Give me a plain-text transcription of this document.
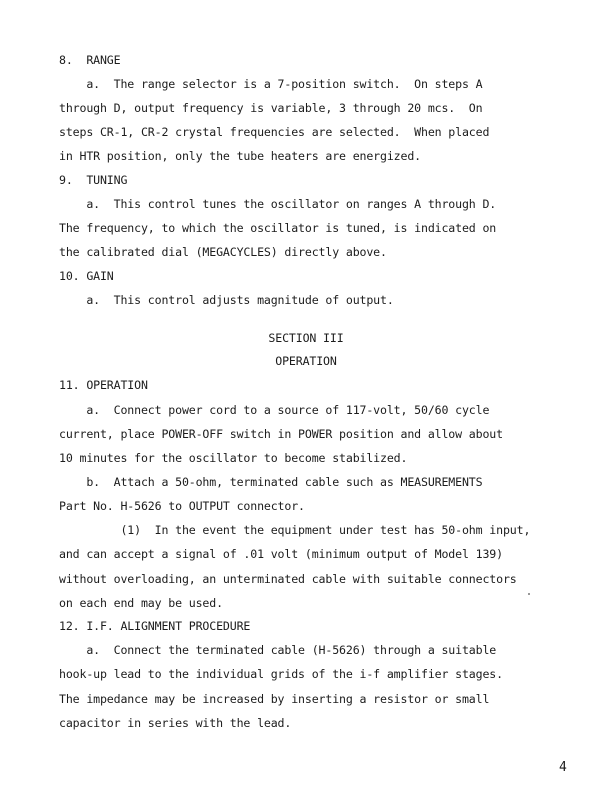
8.  RANGE
a.  The range selector is a 7-position switch.  On steps A
through D, output frequency is variable, 3 through 20 mcs.  On
steps CR-1, CR-2 crystal frequencies are selected.  When placed
in HTR position, only the tube heaters are energized.
9.  TUNING
a.  This control tunes the oscillator on ranges A through D.
The frequency, to which the oscillator is tuned, is indicated on
the calibrated dial (MEGACYCLES) directly above.
10. GAIN
a.  This control adjusts magnitude of output.
SECTION III
OPERATION
11. OPERATION
a.  Connect power cord to a source of 117-volt, 50/60 cycle
current, place POWER-OFF switch in POWER position and allow about
10 minutes for the oscillator to become stabilized.
b.  Attach a 50-ohm, terminated cable such as MEASUREMENTS
Part No. H-5626 to OUTPUT connector.
(1)  In the event the equipment under test has 50-ohm input,
and can accept a signal of .01 volt (minimum output of Model 139)
without overloading, an unterminated cable with suitable connectors
on each end may be used.
12. I.F. ALIGNMENT PROCEDURE
a.  Connect the terminated cable (H-5626) through a suitable
hook-up lead to the individual grids of the i-f amplifier stages.
The impedance may be increased by inserting a resistor or small
capacitor in series with the lead.
4
